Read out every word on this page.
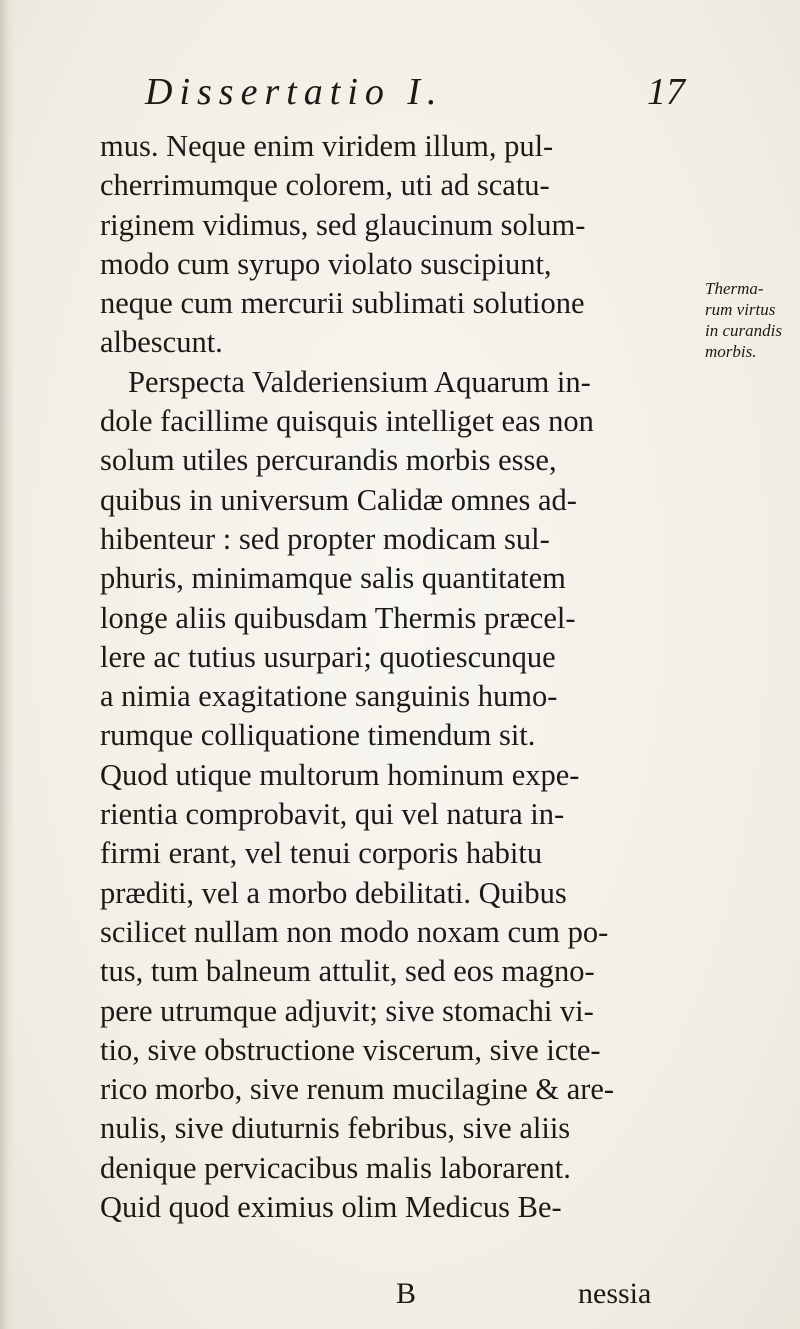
Dissertatio I.	17
mus. Neque enim viridem illum, pul-
cherrimumque colorem, uti ad scatu-
riginem vidimus, sed glaucinum solum-
modo cum syrupo violato suscipiunt,
neque cum mercurii sublimati solutione
albescunt.
Perspecta Valderiensium Aquarum in-
dole facillime quisquis intelliget eas non
solum utiles percurandis morbis esse,
quibus in universum Calidæ omnes ad-
hibenteur : sed propter modicam sul-
phuris, minimamque salis quantitatem
longe aliis quibusdam Thermis præcel-
lere ac tutius usurpari; quotiescunque
a nimia exagitatione sanguinis humo-
rumque colliquatione timendum sit.
Quod utique multorum hominum expe-
rientia comprobavit, qui vel natura in-
firmi erant, vel tenui corporis habitu
præditi, vel a morbo debilitati. Quibus
scilicet nullam non modo noxam cum po-
tus, tum balneum attulit, sed eos magno-
pere utrumque adjuvit; sive stomachi vi-
tio, sive obstructione viscerum, sive icte-
rico morbo, sive renum mucilagine & are-
nulis, sive diuturnis febribus, sive aliis
denique pervicacibus malis laborarent.
Quid quod eximius olim Medicus Be-
Therma-
rum virtus
in curandis
morbis.
B	nessia
